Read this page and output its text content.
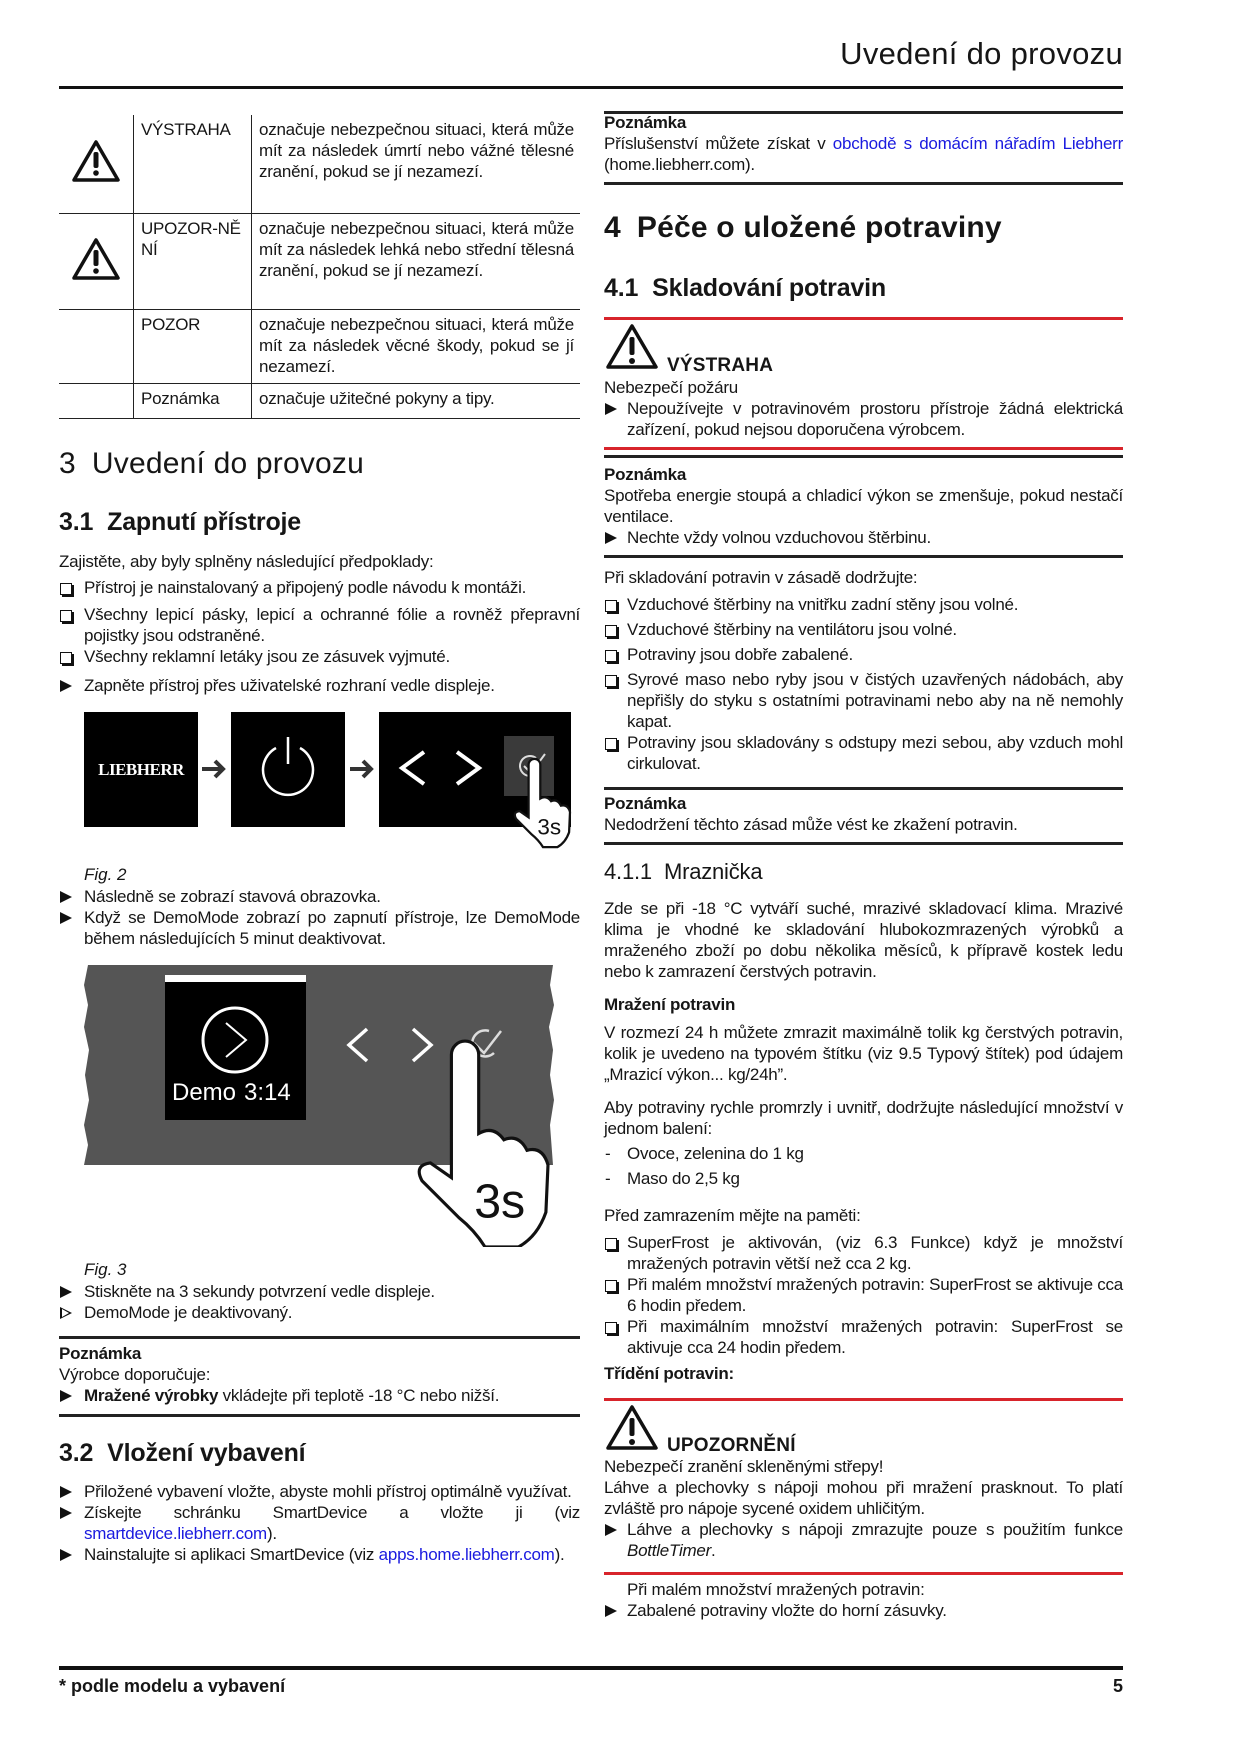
Uvedení do provozu
	VÝSTRAHA	označuje nebezpečnou situaci, která může mít za následek úmrtí nebo vážné tělesné zranění, pokud se jí nezamezí.
	UPOZOR-NĚNÍ	označuje nebezpečnou situaci, která může mít za následek lehká nebo střední tělesná zranění, pokud se jí nezamezí.
	POZOR	označuje nebezpečnou situaci, která může mít za následek věcné škody, pokud se jí nezamezí.
	Poznámka	označuje užitečné pokyny a tipy.
3 Uvedení do provozu
3.1 Zapnutí přístroje
Zajistěte, aby byly splněny následující předpoklady:
Přístroj je nainstalovaný a připojený podle návodu k montáži.
Všechny lepicí pásky, lepicí a ochranné fólie a rovněž přepravní pojistky jsou odstraněné.
Všechny reklamní letáky jsou ze zásuvek vyjmuté.
Zapněte přístroj přes uživatelské rozhraní vedle displeje.
LIEBHERR
3s
Fig. 2
Následně se zobrazí stavová obrazovka.
Když se DemoMode zobrazí po zapnutí přístroje, lze DemoMode během následujících 5 minut deaktivovat.
Demo 3:14
3s
Fig. 3
Stiskněte na 3 sekundy potvrzení vedle displeje.
DemoMode je deaktivovaný.
Poznámka
Výrobce doporučuje:
Mražené výrobky vkládejte při teplotě -18 °C nebo nižší.
3.2 Vložení vybavení
Přiložené vybavení vložte, abyste mohli přístroj optimálně využívat.
Získejte schránku SmartDevice a vložte ji (viz smartdevice.liebherr.com).
Nainstalujte si aplikaci SmartDevice (viz apps.home.liebherr.com).
Poznámka
Příslušenství můžete získat v obchodě s domácím nářadím Liebherr (home.liebherr.com).
4 Péče o uložené potraviny
4.1 Skladování potravin
VÝSTRAHA
Nebezpečí požáru
Nepoužívejte v potravinovém prostoru přístroje žádná elektrická zařízení, pokud nejsou doporučena výrobcem.
Poznámka
Spotřeba energie stoupá a chladicí výkon se zmenšuje, pokud nestačí ventilace.
Nechte vždy volnou vzduchovou štěrbinu.
Při skladování potravin v zásadě dodržujte:
Vzduchové štěrbiny na vnitřku zadní stěny jsou volné.
Vzduchové štěrbiny na ventilátoru jsou volné.
Potraviny jsou dobře zabalené.
Syrové maso nebo ryby jsou v čistých uzavřených nádobách, aby nepřišly do styku s ostatními potravinami nebo aby na ně nemohly kapat.
Potraviny jsou skladovány s odstupy mezi sebou, aby vzduch mohl cirkulovat.
Poznámka
Nedodržení těchto zásad může vést ke zkažení potravin.
4.1.1 Mraznička
Zde se při -18 °C vytváří suché, mrazivé skladovací klima. Mrazivé klima je vhodné ke skladování hlubokozmrazených výrobků a mraženého zboží po dobu několika měsíců, k přípravě kostek ledu nebo k zamrazení čerstvých potravin.
Mražení potravin
V rozmezí 24 h můžete zmrazit maximálně tolik kg čerstvých potravin, kolik je uvedeno na typovém štítku (viz 9.5 Typový štítek) pod údajem „Mrazicí výkon... kg/24h”.
Aby potraviny rychle promrzly i uvnitř, dodržujte následující množství v jednom balení:
- Ovoce, zelenina do 1 kg
- Maso do 2,5 kg
Před zamrazením mějte na paměti:
SuperFrost je aktivován, (viz 6.3 Funkce) když je množství mražených potravin větší než cca 2 kg.
Při malém množství mražených potravin: SuperFrost se aktivuje cca 6 hodin předem.
Při maximálním množství mražených potravin: SuperFrost se aktivuje cca 24 hodin předem.
Třídění potravin:
UPOZORNĚNÍ
Nebezpečí zranění skleněnými střepy!
Láhve a plechovky s nápoji mohou při mražení prasknout. To platí zvláště pro nápoje sycené oxidem uhličitým.
Láhve a plechovky s nápoji zmrazujte pouze s použitím funkce BottleTimer.
Při malém množství mražených potravin:
Zabalené potraviny vložte do horní zásuvky.
* podle modelu a vybavení	5
